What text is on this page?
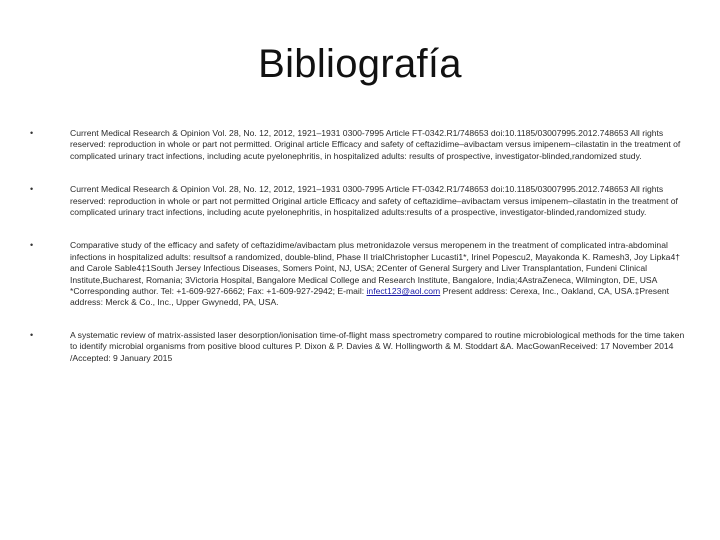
Bibliografía
•	Current Medical Research & Opinion Vol. 28, No. 12, 2012, 1921–1931 0300-7995 Article FT-0342.R1/748653 doi:10.1185/03007995.2012.748653 All rights reserved: reproduction in whole or part not permitted. Original article Efficacy and safety of ceftazidime–avibactam versus imipenem–cilastatin in the treatment of complicated urinary tract infections, including acute pyelonephritis, in hospitalized adults: results of prospective, investigator-blinded,randomized study.
•	Current Medical Research & Opinion Vol. 28, No. 12, 2012, 1921–1931 0300-7995 Article FT-0342.R1/748653 doi:10.1185/03007995.2012.748653 All rights reserved: reproduction in whole or part not permitted Original article Efficacy and safety of ceftazidime–avibactam versus imipenem–cilastatin in the treatment of complicated urinary tract infections, including acute pyelonephritis, in hospitalized adults:results of a prospective, investigator-blinded,randomized study.
•	Comparative study of the efficacy and safety of ceftazidime/avibactam plus metronidazole versus meropenem in the treatment of complicated intra-abdominal infections in hospitalized adults: resultsof a randomized, double-blind, Phase II trialChristopher Lucasti1*, Irinel Popescu2, Mayakonda K. Ramesh3, Joy Lipka4† and Carole Sable4‡1South Jersey Infectious Diseases, Somers Point, NJ, USA; 2Center of General Surgery and Liver Transplantation, Fundeni Clinical Institute,Bucharest, Romania; 3Victoria Hospital, Bangalore Medical College and Research Institute, Bangalore, India;4AstraZeneca, Wilmington, DE, USA *Corresponding author. Tel: +1-609-927-6662; Fax: +1-609-927-2942; E-mail: infect123@aol.com Present address: Cerexa, Inc., Oakland, CA, USA.‡Present address: Merck & Co., Inc., Upper Gwynedd, PA, USA.
•	A systematic review of matrix-assisted laser desorption/ionisation time-of-flight mass spectrometry compared to routine microbiological methods for the time taken to identify microbial organisms from positive blood cultures P. Dixon & P. Davies & W. Hollingworth & M. Stoddart &A. MacGowanReceived: 17 November 2014 /Accepted: 9 January 2015
